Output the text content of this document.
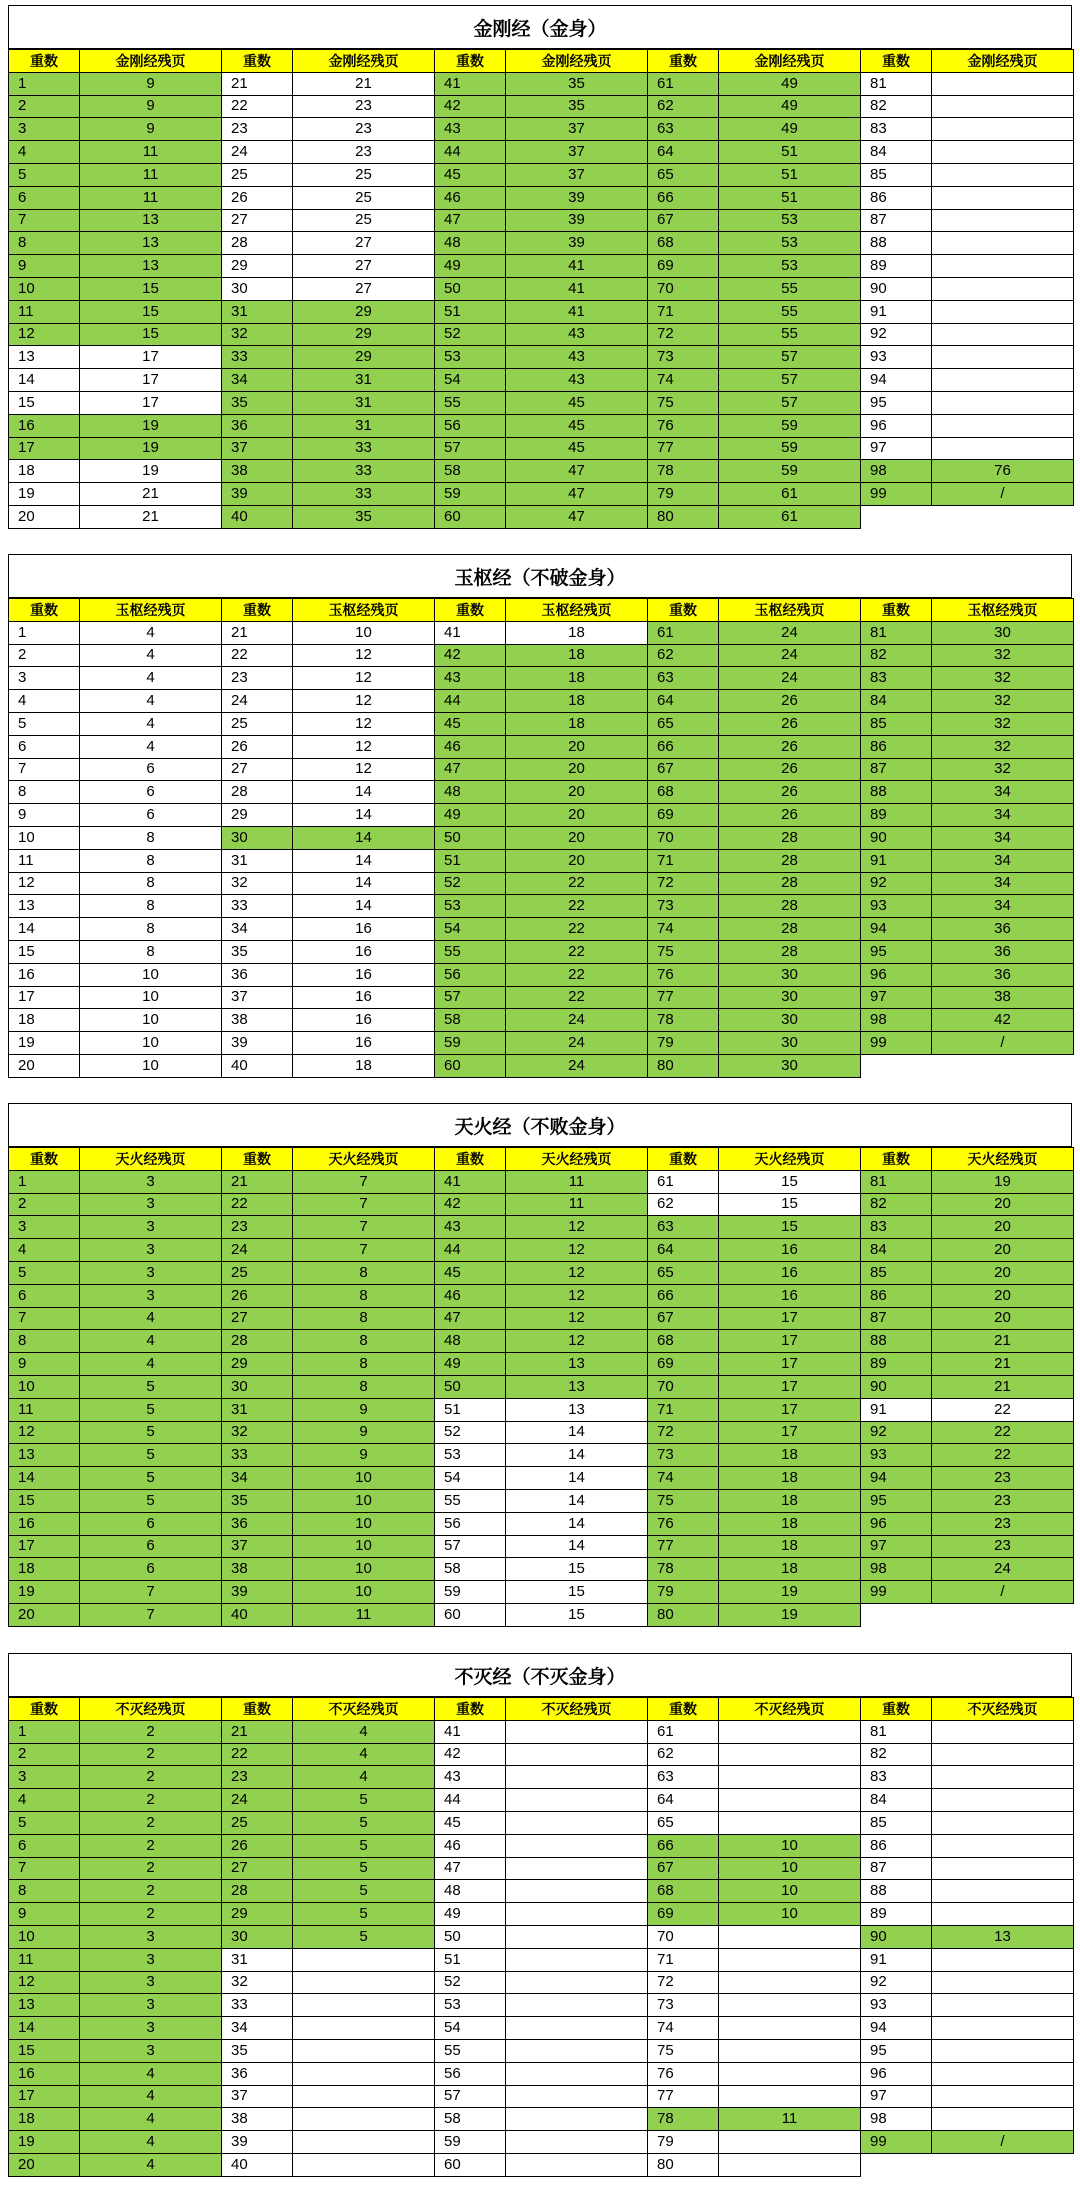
金刚经（金身）
重数	金刚经残页	重数	金刚经残页	重数	金刚经残页	重数	金刚经残页	重数	金刚经残页
1	9	21	21	41	35	61	49	81	
2	9	22	23	42	35	62	49	82	
3	9	23	23	43	37	63	49	83	
4	11	24	23	44	37	64	51	84	
5	11	25	25	45	37	65	51	85	
6	11	26	25	46	39	66	51	86	
7	13	27	25	47	39	67	53	87	
8	13	28	27	48	39	68	53	88	
9	13	29	27	49	41	69	53	89	
10	15	30	27	50	41	70	55	90	
11	15	31	29	51	41	71	55	91	
12	15	32	29	52	43	72	55	92	
13	17	33	29	53	43	73	57	93	
14	17	34	31	54	43	74	57	94	
15	17	35	31	55	45	75	57	95	
16	19	36	31	56	45	76	59	96	
17	19	37	33	57	45	77	59	97	
18	19	38	33	58	47	78	59	98	76
19	21	39	33	59	47	79	61	99	/
20	21	40	35	60	47	80	61		
玉枢经（不破金身）
重数	玉枢经残页	重数	玉枢经残页	重数	玉枢经残页	重数	玉枢经残页	重数	玉枢经残页
1	4	21	10	41	18	61	24	81	30
2	4	22	12	42	18	62	24	82	32
3	4	23	12	43	18	63	24	83	32
4	4	24	12	44	18	64	26	84	32
5	4	25	12	45	18	65	26	85	32
6	4	26	12	46	20	66	26	86	32
7	6	27	12	47	20	67	26	87	32
8	6	28	14	48	20	68	26	88	34
9	6	29	14	49	20	69	26	89	34
10	8	30	14	50	20	70	28	90	34
11	8	31	14	51	20	71	28	91	34
12	8	32	14	52	22	72	28	92	34
13	8	33	14	53	22	73	28	93	34
14	8	34	16	54	22	74	28	94	36
15	8	35	16	55	22	75	28	95	36
16	10	36	16	56	22	76	30	96	36
17	10	37	16	57	22	77	30	97	38
18	10	38	16	58	24	78	30	98	42
19	10	39	16	59	24	79	30	99	/
20	10	40	18	60	24	80	30		
天火经（不败金身）
重数	天火经残页	重数	天火经残页	重数	天火经残页	重数	天火经残页	重数	天火经残页
1	3	21	7	41	11	61	15	81	19
2	3	22	7	42	11	62	15	82	20
3	3	23	7	43	12	63	15	83	20
4	3	24	7	44	12	64	16	84	20
5	3	25	8	45	12	65	16	85	20
6	3	26	8	46	12	66	16	86	20
7	4	27	8	47	12	67	17	87	20
8	4	28	8	48	12	68	17	88	21
9	4	29	8	49	13	69	17	89	21
10	5	30	8	50	13	70	17	90	21
11	5	31	9	51	13	71	17	91	22
12	5	32	9	52	14	72	17	92	22
13	5	33	9	53	14	73	18	93	22
14	5	34	10	54	14	74	18	94	23
15	5	35	10	55	14	75	18	95	23
16	6	36	10	56	14	76	18	96	23
17	6	37	10	57	14	77	18	97	23
18	6	38	10	58	15	78	18	98	24
19	7	39	10	59	15	79	19	99	/
20	7	40	11	60	15	80	19		
不灭经（不灭金身）
重数	不灭经残页	重数	不灭经残页	重数	不灭经残页	重数	不灭经残页	重数	不灭经残页
1	2	21	4	41		61		81	
2	2	22	4	42		62		82	
3	2	23	4	43		63		83	
4	2	24	5	44		64		84	
5	2	25	5	45		65		85	
6	2	26	5	46		66	10	86	
7	2	27	5	47		67	10	87	
8	2	28	5	48		68	10	88	
9	2	29	5	49		69	10	89	
10	3	30	5	50		70		90	13
11	3	31		51		71		91	
12	3	32		52		72		92	
13	3	33		53		73		93	
14	3	34		54		74		94	
15	3	35		55		75		95	
16	4	36		56		76		96	
17	4	37		57		77		97	
18	4	38		58		78	11	98	
19	4	39		59		79		99	/
20	4	40		60		80			
